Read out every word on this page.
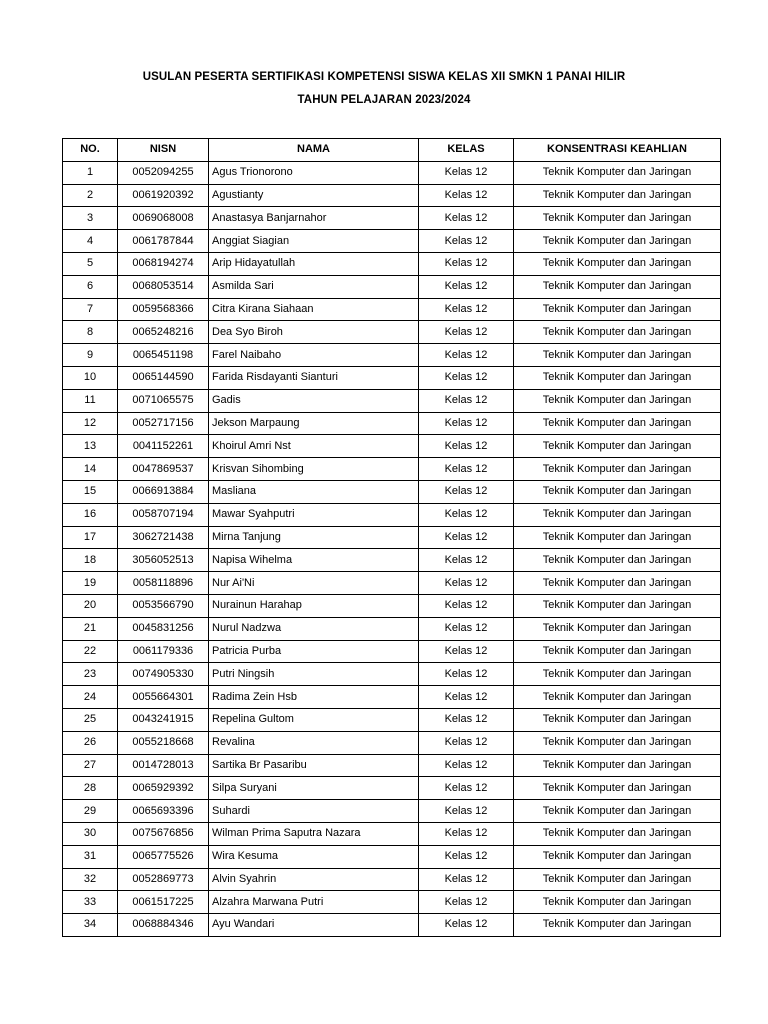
USULAN PESERTA SERTIFIKASI KOMPETENSI SISWA KELAS XII SMKN 1 PANAI HILIR
TAHUN PELAJARAN 2023/2024
NO.	NISN	NAMA	KELAS	KONSENTRASI KEAHLIAN
1	0052094255	Agus Trionorono	Kelas 12	Teknik Komputer dan Jaringan
2	0061920392	Agustianty	Kelas 12	Teknik Komputer dan Jaringan
3	0069068008	Anastasya Banjarnahor	Kelas 12	Teknik Komputer dan Jaringan
4	0061787844	Anggiat Siagian	Kelas 12	Teknik Komputer dan Jaringan
5	0068194274	Arip Hidayatullah	Kelas 12	Teknik Komputer dan Jaringan
6	0068053514	Asmilda Sari	Kelas 12	Teknik Komputer dan Jaringan
7	0059568366	Citra Kirana Siahaan	Kelas 12	Teknik Komputer dan Jaringan
8	0065248216	Dea Syo Biroh	Kelas 12	Teknik Komputer dan Jaringan
9	0065451198	Farel Naibaho	Kelas 12	Teknik Komputer dan Jaringan
10	0065144590	Farida Risdayanti Sianturi	Kelas 12	Teknik Komputer dan Jaringan
11	0071065575	Gadis	Kelas 12	Teknik Komputer dan Jaringan
12	0052717156	Jekson Marpaung	Kelas 12	Teknik Komputer dan Jaringan
13	0041152261	Khoirul Amri Nst	Kelas 12	Teknik Komputer dan Jaringan
14	0047869537	Krisvan Sihombing	Kelas 12	Teknik Komputer dan Jaringan
15	0066913884	Masliana	Kelas 12	Teknik Komputer dan Jaringan
16	0058707194	Mawar Syahputri	Kelas 12	Teknik Komputer dan Jaringan
17	3062721438	Mirna Tanjung	Kelas 12	Teknik Komputer dan Jaringan
18	3056052513	Napisa Wihelma	Kelas 12	Teknik Komputer dan Jaringan
19	0058118896	Nur Ai'Ni	Kelas 12	Teknik Komputer dan Jaringan
20	0053566790	Nurainun Harahap	Kelas 12	Teknik Komputer dan Jaringan
21	0045831256	Nurul Nadzwa	Kelas 12	Teknik Komputer dan Jaringan
22	0061179336	Patricia Purba	Kelas 12	Teknik Komputer dan Jaringan
23	0074905330	Putri Ningsih	Kelas 12	Teknik Komputer dan Jaringan
24	0055664301	Radima Zein Hsb	Kelas 12	Teknik Komputer dan Jaringan
25	0043241915	Repelina Gultom	Kelas 12	Teknik Komputer dan Jaringan
26	0055218668	Revalina	Kelas 12	Teknik Komputer dan Jaringan
27	0014728013	Sartika Br Pasaribu	Kelas 12	Teknik Komputer dan Jaringan
28	0065929392	Silpa Suryani	Kelas 12	Teknik Komputer dan Jaringan
29	0065693396	Suhardi	Kelas 12	Teknik Komputer dan Jaringan
30	0075676856	Wilman Prima Saputra Nazara	Kelas 12	Teknik Komputer dan Jaringan
31	0065775526	Wira Kesuma	Kelas 12	Teknik Komputer dan Jaringan
32	0052869773	Alvin Syahrin	Kelas 12	Teknik Komputer dan Jaringan
33	0061517225	Alzahra Marwana Putri	Kelas 12	Teknik Komputer dan Jaringan
34	0068884346	Ayu Wandari	Kelas 12	Teknik Komputer dan Jaringan
